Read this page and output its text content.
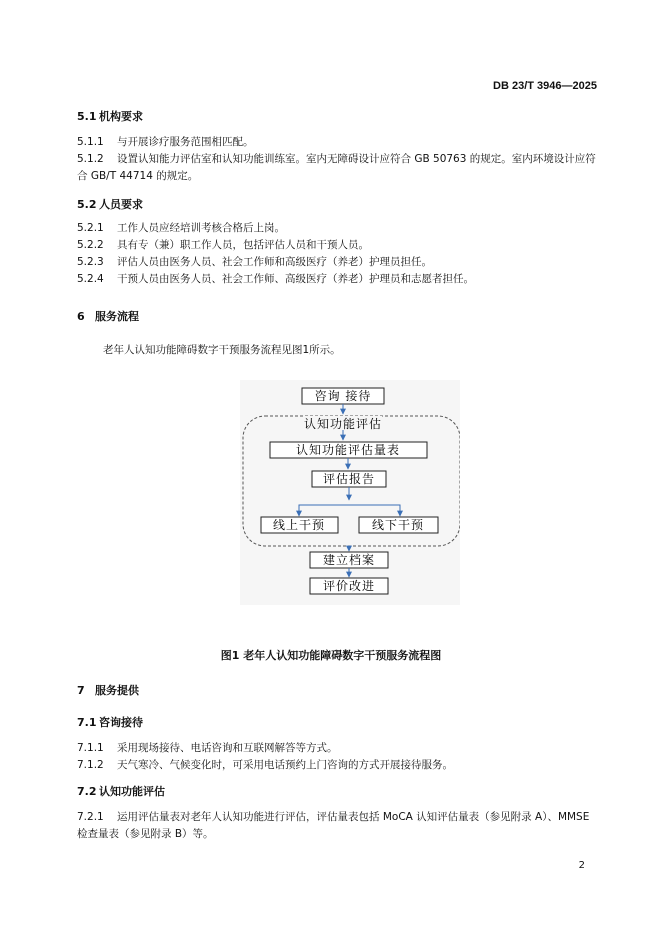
DB 23/T 3946—2025
5.1 机构要求
5.1.1 与开展诊疗服务范围相匹配。
5.1.2 设置认知能力评估室和认知功能训练室。室内无障碍设计应符合 GB 50763 的规定。室内环境设计应符合 GB/T 44714 的规定。
5.2 人员要求
5.2.1 工作人员应经培训考核合格后上岗。
5.2.2 具有专（兼）职工作人员，包括评估人员和干预人员。
5.2.3 评估人员由医务人员、社会工作师和高级医疗（养老）护理员担任。
5.2.4 干预人员由医务人员、社会工作师、高级医疗（养老）护理员和志愿者担任。
6 服务流程
老年人认知功能障碍数字干预服务流程见图1所示。
咨询 接待
认知功能评估
认知功能评估量表
评估报告
线上干预	线下干预
建立档案
评价改进
图1 老年人认知功能障碍数字干预服务流程图
7 服务提供
7.1 咨询接待
7.1.1 采用现场接待、电话咨询和互联网解答等方式。
7.1.2 天气寒冷、气候变化时，可采用电话预约上门咨询的方式开展接待服务。
7.2 认知功能评估
7.2.1 运用评估量表对老年人认知功能进行评估，评估量表包括 MoCA 认知评估量表（参见附录 A）、MMSE 检查量表（参见附录 B）等。
2
